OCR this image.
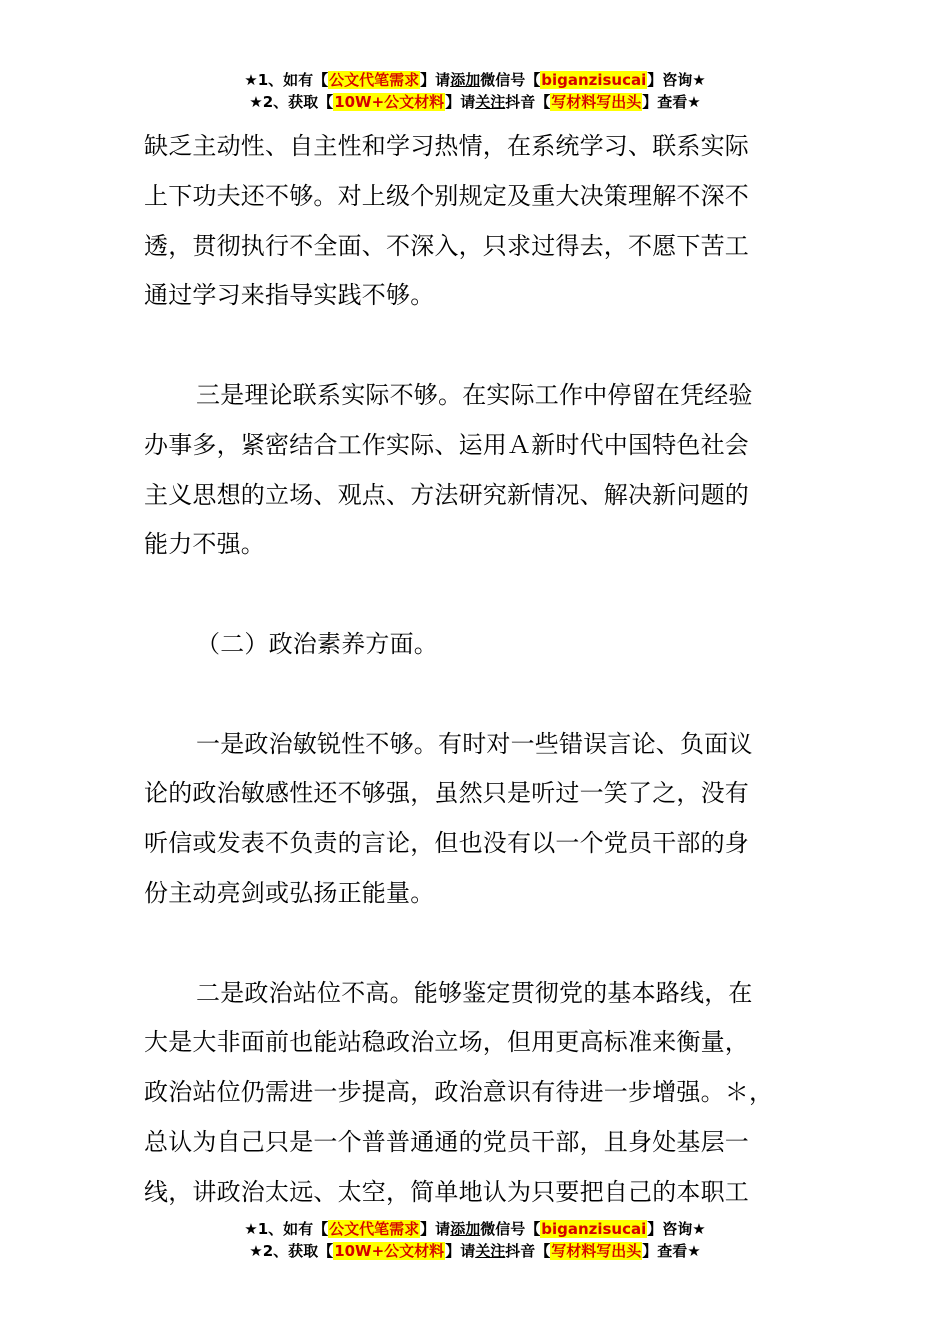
★1、如有【公文代笔需求】请添加微信号【biganzisucai】咨询★
★2、获取【10W+公文材料】请关注抖音【写材料写出头】查看★
缺乏主动性、自主性和学习热情，在系统学习、联系实际
上下功夫还不够。对上级个别规定及重大决策理解不深不
透，贯彻执行不全面、不深入，只求过得去，不愿下苦工
通过学习来指导实践不够。
三是理论联系实际不够。在实际工作中停留在凭经验
办事多，紧密结合工作实际、运用Ａ新时代中国特色社会
主义思想的立场、观点、方法研究新情况、解决新问题的
能力不强。
（二）政治素养方面。
一是政治敏锐性不够。有时对一些错误言论、负面议
论的政治敏感性还不够强，虽然只是听过一笑了之，没有
听信或发表不负责的言论，但也没有以一个党员干部的身
份主动亮剑或弘扬正能量。
二是政治站位不高。能够鉴定贯彻党的基本路线，在
大是大非面前也能站稳政治立场，但用更高标准来衡量，
政治站位仍需进一步提高，政治意识有待进一步增强。＊，
总认为自己只是一个普普通通的党员干部，且身处基层一
线，讲政治太远、太空，简单地认为只要把自己的本职工
★1、如有【公文代笔需求】请添加微信号【biganzisucai】咨询★
★2、获取【10W+公文材料】请关注抖音【写材料写出头】查看★
